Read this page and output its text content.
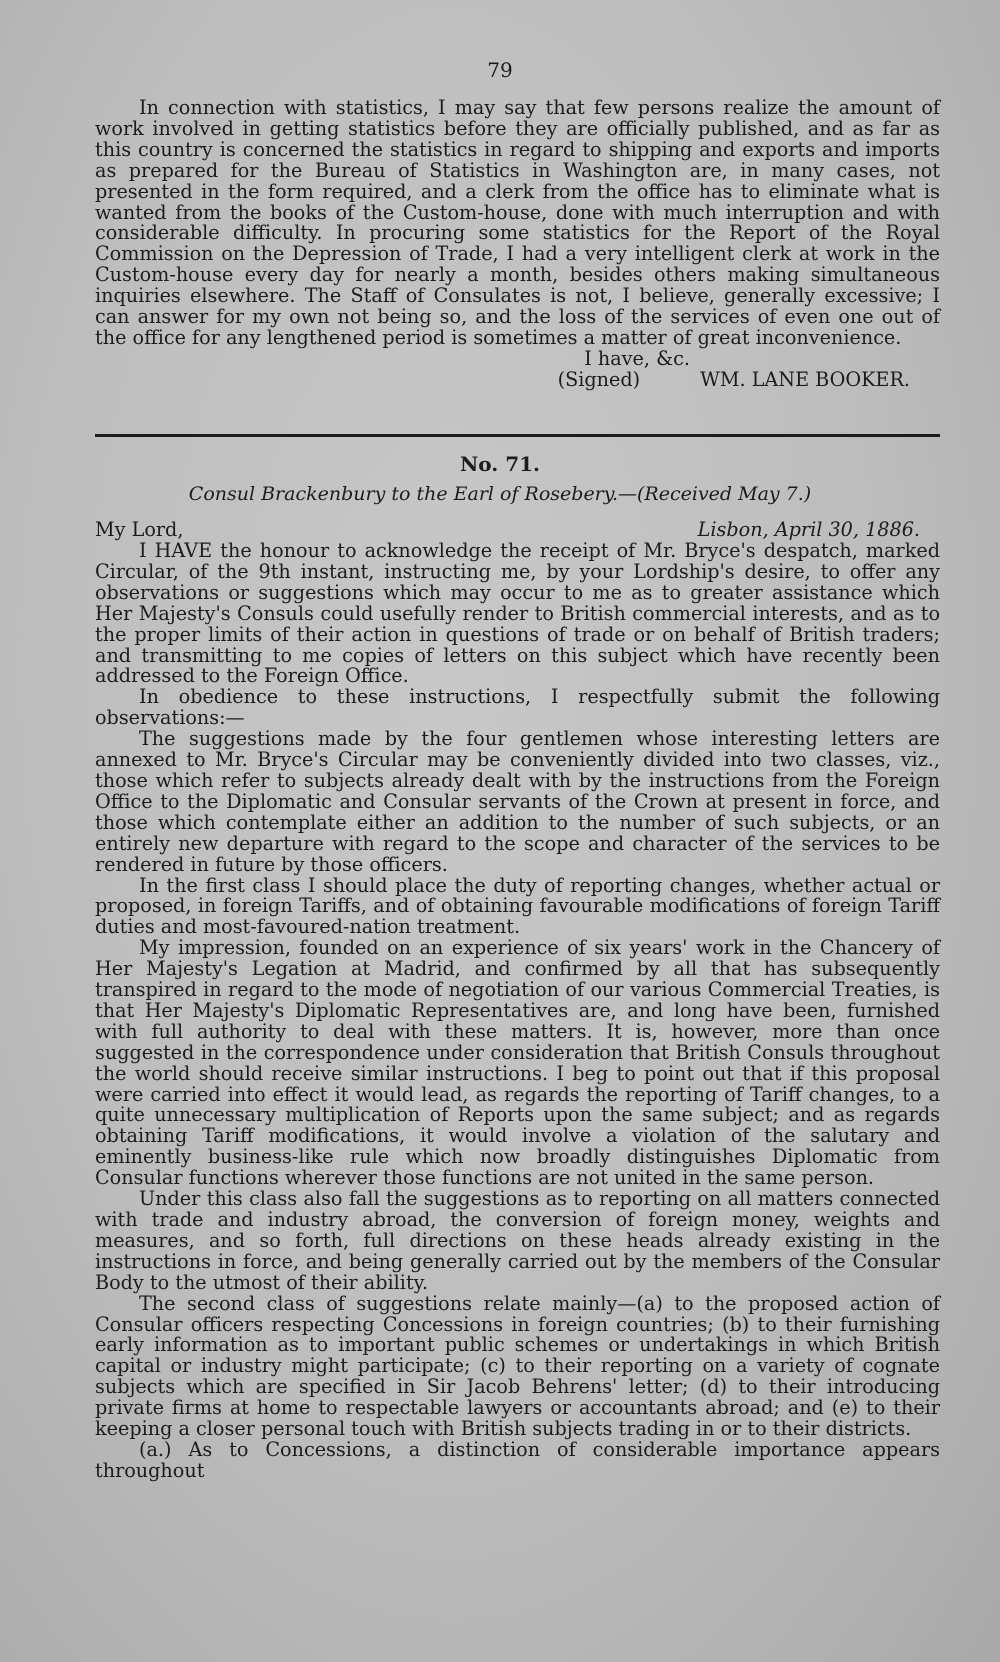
79

In connection with statistics, I may say that few persons realize the amount of work involved in getting statistics before they are officially published, and as far as this country is concerned the statistics in regard to shipping and exports and imports as prepared for the Bureau of Statistics in Washington are, in many cases, not presented in the form required, and a clerk from the office has to eliminate what is wanted from the books of the Custom-house, done with much interruption and with considerable difficulty. In procuring some statistics for the Report of the Royal Commission on the Depression of Trade, I had a very intelligent clerk at work in the Custom-house every day for nearly a month, besides others making simultaneous inquiries elsewhere. The Staff of Consulates is not, I believe, generally excessive; I can answer for my own not being so, and the loss of the services of even one out of the office for any lengthened period is sometimes a matter of great inconvenience.

I have, &c.

(Signed)	WM. LANE BOOKER.
No. 71.
Consul Brackenbury to the Earl of Rosebery.—(Received May 7.)
My Lord,	Lisbon, April 30, 1886.

I HAVE the honour to acknowledge the receipt of Mr. Bryce's despatch, marked Circular, of the 9th instant, instructing me, by your Lordship's desire, to offer any observations or suggestions which may occur to me as to greater assistance which Her Majesty's Consuls could usefully render to British commercial interests, and as to the proper limits of their action in questions of trade or on behalf of British traders; and transmitting to me copies of letters on this subject which have recently been addressed to the Foreign Office.

In obedience to these instructions, I respectfully submit the following observations:—

The suggestions made by the four gentlemen whose interesting letters are annexed to Mr. Bryce's Circular may be conveniently divided into two classes, viz., those which refer to subjects already dealt with by the instructions from the Foreign Office to the Diplomatic and Consular servants of the Crown at present in force, and those which contemplate either an addition to the number of such subjects, or an entirely new departure with regard to the scope and character of the services to be rendered in future by those officers.

In the first class I should place the duty of reporting changes, whether actual or proposed, in foreign Tariffs, and of obtaining favourable modifications of foreign Tariff duties and most-favoured-nation treatment.

My impression, founded on an experience of six years' work in the Chancery of Her Majesty's Legation at Madrid, and confirmed by all that has subsequently transpired in regard to the mode of negotiation of our various Commercial Treaties, is that Her Majesty's Diplomatic Representatives are, and long have been, furnished with full authority to deal with these matters. It is, however, more than once suggested in the correspondence under consideration that British Consuls throughout the world should receive similar instructions. I beg to point out that if this proposal were carried into effect it would lead, as regards the reporting of Tariff changes, to a quite unnecessary multiplication of Reports upon the same subject; and as regards obtaining Tariff modifications, it would involve a violation of the salutary and eminently business-like rule which now broadly distinguishes Diplomatic from Consular functions wherever those functions are not united in the same person.

Under this class also fall the suggestions as to reporting on all matters connected with trade and industry abroad, the conversion of foreign money, weights and measures, and so forth, full directions on these heads already existing in the instructions in force, and being generally carried out by the members of the Consular Body to the utmost of their ability.

The second class of suggestions relate mainly—(a) to the proposed action of Consular officers respecting Concessions in foreign countries; (b) to their furnishing early information as to important public schemes or undertakings in which British capital or industry might participate; (c) to their reporting on a variety of cognate subjects which are specified in Sir Jacob Behrens' letter; (d) to their introducing private firms at home to respectable lawyers or accountants abroad; and (e) to their keeping a closer personal touch with British subjects trading in or to their districts.

(a.) As to Concessions, a distinction of considerable importance appears throughout
